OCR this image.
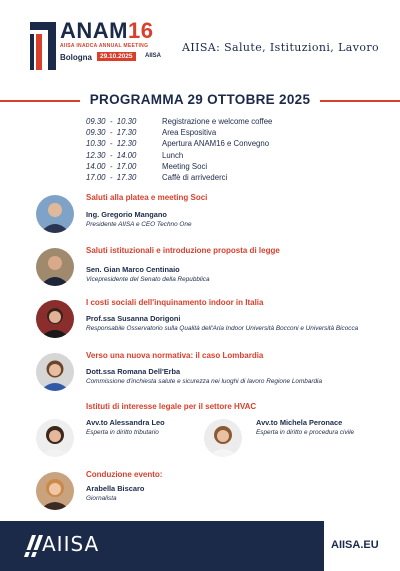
ANAM16
AIISA INADCA ANNUAL MEETING
Bologna	29.10.2025	AIISA
AIISA: Salute, Istituzioni, Lavoro
PROGRAMMA 29 OTTOBRE 2025
09.30  -  10.30	Registrazione e welcome coffee
09.30  -  17.30	Area Espositiva
10.30  -  12.30	Apertura ANAM16 e Convegno
12.30  -  14.00	Lunch
14.00  -  17.00	Meeting Soci
17.00  -  17.30	Caffè di arrivederci
Saluti alla platea e meeting Soci
Ing. Gregorio Mangano
Presidente AIISA e CEO Techno One
Saluti istituzionali e introduzione proposta di legge
Sen. Gian Marco Centinaio
Vicepresidente del Senato della Repubblica
I costi sociali dell'inquinamento indoor in Italia
Prof.ssa Susanna Dorigoni
Responsabile Osservatorio sulla Qualità dell'Aria Indoor Università Bocconi e Università Bicocca
Verso una nuova normativa: il caso Lombardia
Dott.ssa Romana Dell'Erba
Commissione d'inchiesta salute e sicurezza nei luoghi di lavoro Regione Lombardia
Istituti di interesse legale per il settore HVAC
Avv.to Alessandra Leo
Esperta in diritto tributario
Avv.to Michela Peronace
Esperta in diritto e procedura civile
Conduzione evento:
Arabella Biscaro
Giornalista
AIISA	AIISA.EU
